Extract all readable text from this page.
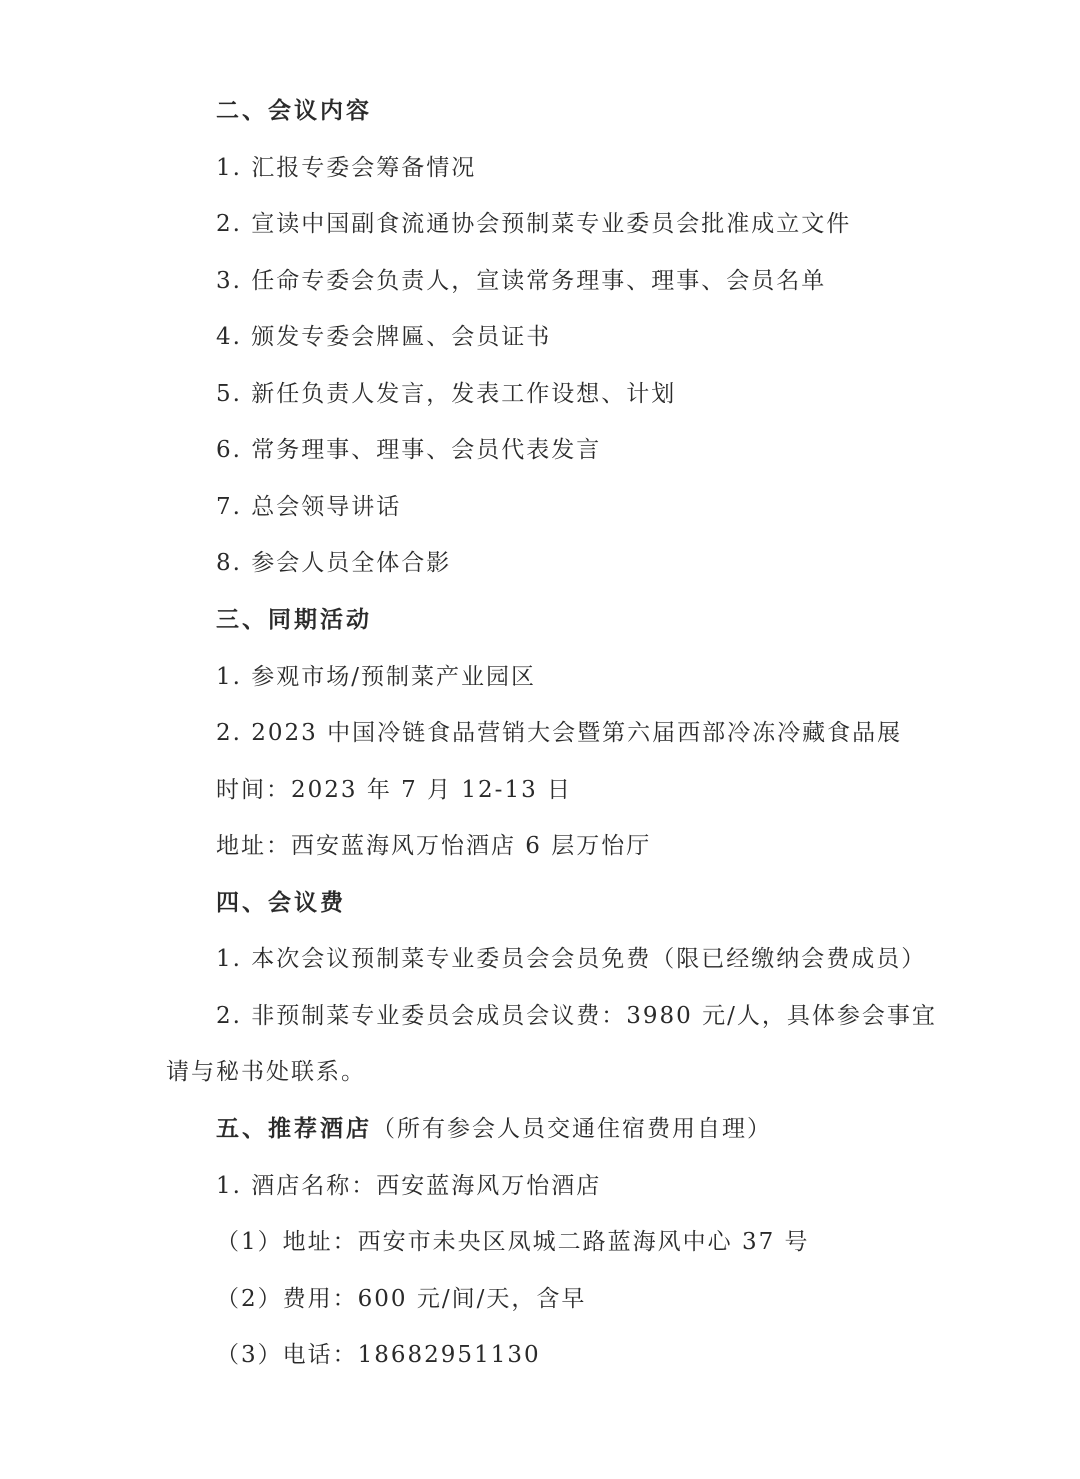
二、会议内容
1. 汇报专委会筹备情况
2. 宣读中国副食流通协会预制菜专业委员会批准成立文件
3. 任命专委会负责人，宣读常务理事、理事、会员名单
4. 颁发专委会牌匾、会员证书
5. 新任负责人发言，发表工作设想、计划
6. 常务理事、理事、会员代表发言
7. 总会领导讲话
8. 参会人员全体合影
三、同期活动
1. 参观市场/预制菜产业园区
2. 2023 中国冷链食品营销大会暨第六届西部冷冻冷藏食品展
时间：2023 年 7 月 12-13 日
地址：西安蓝海风万怡酒店 6 层万怡厅
四、会议费
1. 本次会议预制菜专业委员会会员免费（限已经缴纳会费成员）
2. 非预制菜专业委员会成员会议费：3980 元/人，具体参会事宜
请与秘书处联系。
五、推荐酒店（所有参会人员交通住宿费用自理）
1. 酒店名称：西安蓝海风万怡酒店
（1）地址：西安市未央区凤城二路蓝海风中心 37 号
（2）费用：600 元/间/天，含早
（3）电话：18682951130
